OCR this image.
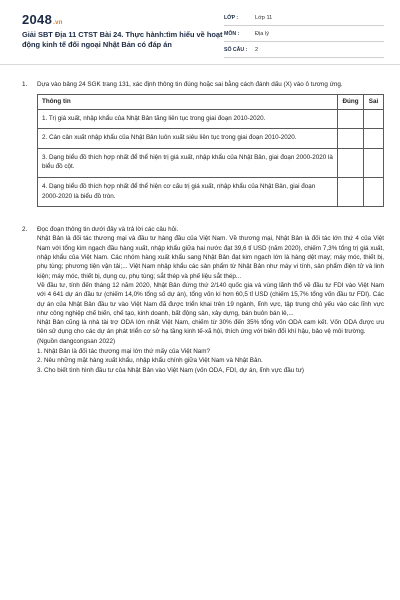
2048.vn
Giải SBT Địa 11 CTST Bài 24. Thực hành:tìm hiểu về hoạt động kinh tế đối ngoại Nhật Bản có đáp án
LỚP :	Lớp 11
MÔN :	Địa lý
SỐ CÂU :	2
1.	Dựa vào bảng 24 SGK trang 131, xác định thông tin đúng hoặc sai bằng cách đánh dấu (X) vào ô tương ứng.

Thông tin	Đúng	Sai
1. Trị giá xuất, nhập khẩu của Nhật Bản tăng liên tục trong giai đoạn 2010-2020.		
2. Cán cân xuất nhập khẩu của Nhật Bản luôn xuất siêu liên tục trong giai đoạn 2010-2020.		
3. Dạng biểu đồ thích hợp nhất để thể hiện trị giá xuất, nhập khẩu của Nhật Bản, giai đoạn 2000-2020 là biểu đồ cột.		
4. Dạng biểu đồ thích hợp nhất để thể hiện cơ cấu trị giá xuất, nhập khẩu của Nhật Bản, giai đoạn 2000-2020 là biểu đồ tròn.		
2.	Đọc đoạn thông tin dưới đây và trả lời các câu hỏi.

Nhật Bản là đối tác thương mại và đầu tư hàng đầu của Việt Nam. Về thương mại, Nhật Bản là đối tác lớn thứ 4 của Việt Nam với tổng kim ngạch đầu hàng xuất, nhập khẩu giữa hai nước đạt 39,6 tỉ USD (năm 2020), chiếm 7,3% tổng trị giá xuất, nhập khẩu của Việt Nam. Các nhóm hàng xuất khẩu sang Nhật Bản đạt kim ngạch lớn là hàng dệt may; máy móc, thiết bị, phụ tùng; phương tiện vận tải;... Việt Nam nhập khẩu các sản phẩm từ Nhật Bản như máy vi tính, sản phẩm điện tử và linh kiện; máy móc, thiết bị, dụng cụ, phụ tùng; sắt thép và phế liệu sắt thép...

Về đầu tư, tính đến tháng 12 năm 2020, Nhật Bản đứng thứ 2/140 quốc gia và vùng lãnh thổ về đầu tư FDI vào Việt Nam với 4 641 dự án đầu tư (chiếm 14,0% tổng số dự án), tổng vốn kí hơn 60,5 tỉ USD (chiếm 15,7% tổng vốn đầu tư FDI). Các dự án của Nhật Bản đầu tư vào Việt Nam đã được triển khai trên 19 ngành, lĩnh vực, tập trung chủ yếu vào các lĩnh vực như công nghiệp chế biến, chế tạo, kinh doanh, bất động sản, xây dựng, bán buôn bán lẻ,...

Nhật Bản cũng là nhà tài trợ ODA lớn nhất Việt Nam, chiếm từ 30% đến 35% tổng vốn ODA cam kết. Vốn ODA được ưu tiên sử dụng cho các dự án phát triển cơ sở hạ tầng kinh tế-xã hội, thích ứng với biến đổi khí hậu, bảo vệ môi trường.

(Nguồn dangcongsan 2022)

1. Nhật Bản là đối tác thương mại lớn thứ mấy của Việt Nam?

2. Nêu những mặt hàng xuất khẩu, nhập khẩu chính giữa Việt Nam và Nhật Bản.

3. Cho biết tình hình đầu tư của Nhật Bản vào Việt Nam (vốn ODA, FDI, dự án, lĩnh vực đầu tư)
